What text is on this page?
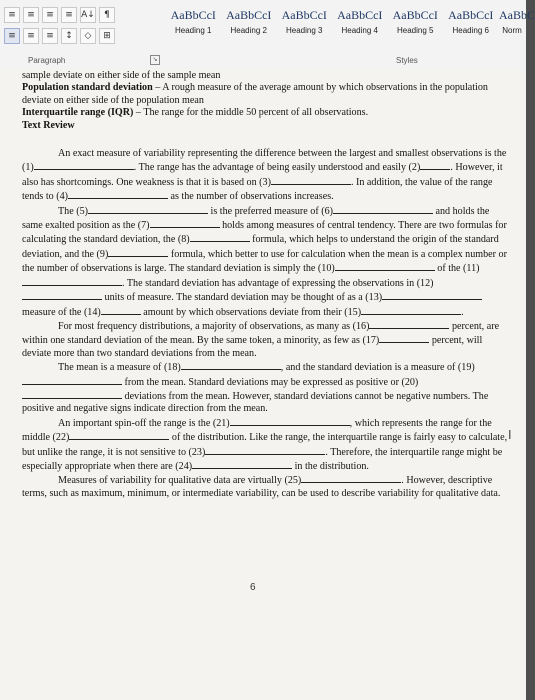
≡	≡	≡	≡ A↓	¶
≡	≡	≡	↕	◇	⊞
AaBbCcI
Heading 1
AaBbCcI
Heading 2
AaBbCcI
Heading 3
AaBbCcI
Heading 4
AaBbCcI
Heading 5
AaBbCcI
Heading 6
AaBbC
Norm
Paragraph	↘	Styles

sample deviate on either side of the sample mean

Population standard deviation – A rough measure of the average amount by which observations in the population deviate on either side of the population mean

Interquartile range (IQR) – The range for the middle 50 percent of all observations.

Text Review

An exact measure of variability representing the difference between the largest and smallest observations is the (1)	. The range has the advantage of being easily understood and easily (2)	. However, it also has shortcomings. One weakness is that it is based on (3)	. In addition, the value of the range tends to (4)	as the number of observations increases.

The (5)	is the preferred measure of (6)	and holds the same exalted position as the (7)	holds among measures of central tendency. There are two formulas for calculating the standard deviation, the (8)	formula, which helps to understand the origin of the standard deviation, and the (9)	formula, which better to use for calculation when the mean is a complex number or the number of observations is large. The standard deviation is simply the (10)	of the (11). The standard deviation has advantage of expressing the observations in (12) units of measure. The standard deviation may be thought of as a (13) measure of the (14)	amount by which observations deviate from their (15)	.

For most frequency distributions, a majority of observations, as many as (16)	percent, are within one standard deviation of the mean. By the same token, a minority, as few as (17)	percent, will deviate more than two standard deviations from the mean.

The mean is a measure of (18)	, and the standard deviation is a measure of (19) from the mean. Standard deviations may be expressed as positive or (20) deviations from the mean. However, standard deviations cannot be negative numbers. The positive and negative signs indicate direction from the mean.

An important spin-off the range is the (21)	, which represents the range for the middle (22)	of the distribution. Like the range, the interquartile range is fairly easy to calculate, but unlike the range, it is not sensitive to (23)	. Therefore, the interquartile range might be especially appropriate when there are (24)	in the distribution.

Measures of variability for qualitative data are virtually (25)	. However, descriptive terms, such as maximum, minimum, or intermediate variability, can be used to describe variability for qualitative data.

6
I
